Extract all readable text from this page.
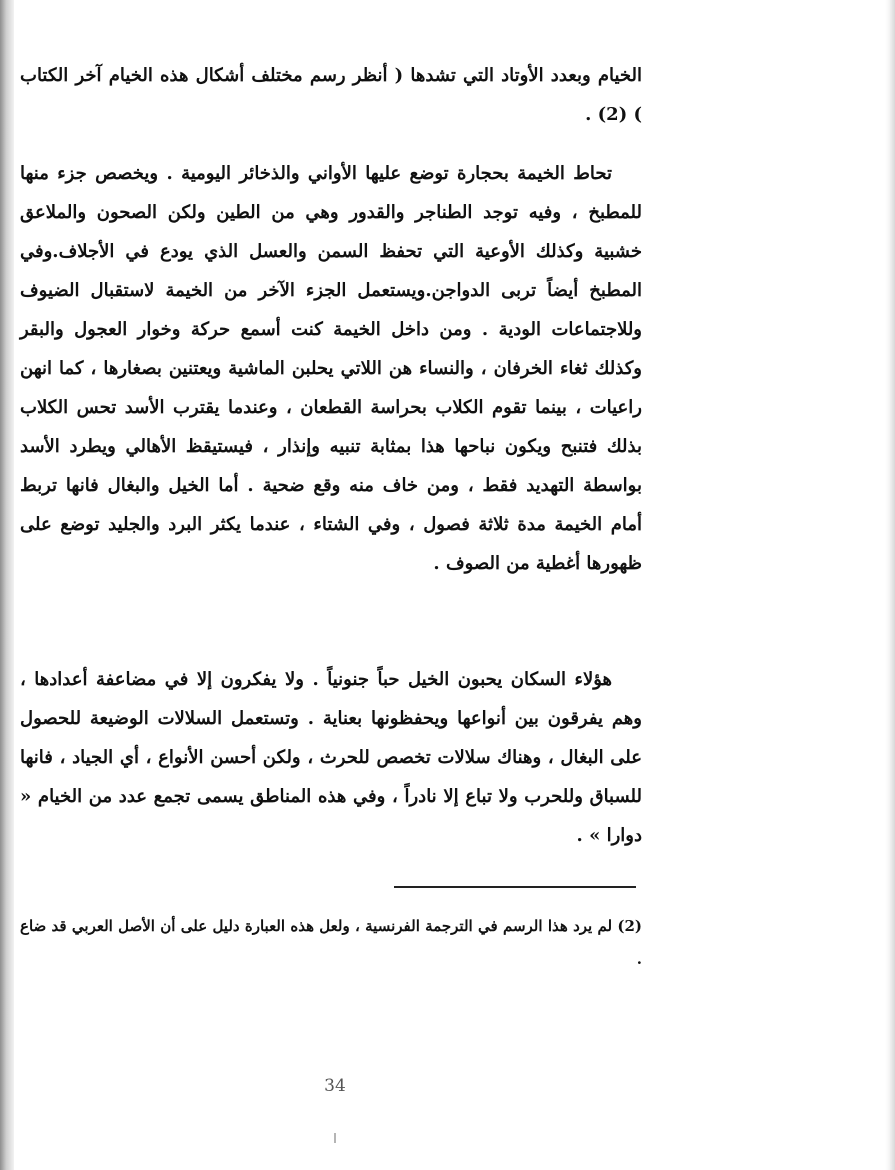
الخيام وبعدد الأوتاد التي تشدها ( أنظر رسم مختلف أشكال هذه الخيام آخر الكتاب ) (2) .

تحاط الخيمة بحجارة توضع عليها الأواني والذخائر اليومية . ويخصص جزء منها للمطبخ ، وفيه توجد الطناجر والقدور وهي من الطين ولكن الصحون والملاعق خشبية وكذلك الأوعية التي تحفظ السمن والعسل الذي يودع في الأجلاف.وفي المطبخ أيضاً تربى الدواجن.ويستعمل الجزء الآخر من الخيمة لاستقبال الضيوف وللاجتماعات الودية . ومن داخل الخيمة كنت أسمع حركة وخوار العجول والبقر وكذلك ثغاء الخرفان ، والنساء هن اللاتي يحلبن الماشية ويعتنين بصغارها ، كما انهن راعيات ، بينما تقوم الكلاب بحراسة القطعان ، وعندما يقترب الأسد تحس الكلاب بذلك فتنبح ويكون نباحها هذا بمثابة تنبيه وإنذار ، فيستيقظ الأهالي ويطرد الأسد بواسطة التهديد فقط ، ومن خاف منه وقع ضحية . أما الخيل والبغال فانها تربط أمام الخيمة مدة ثلاثة فصول ، وفي الشتاء ، عندما يكثر البرد والجليد توضع على ظهورها أغطية من الصوف .

هؤلاء السكان يحبون الخيل حباً جنونياً . ولا يفكرون إلا في مضاعفة أعدادها ، وهم يفرقون بين أنواعها ويحفظونها بعناية . وتستعمل السلالات الوضيعة للحصول على البغال ، وهناك سلالات تخصص للحرث ، ولكن أحسن الأنواع ، أي الجياد ، فانها للسباق وللحرب ولا تباع إلا نادراً ، وفي هذه المناطق يسمى تجمع عدد من الخيام « دوارا » .

(2) لم يرد هذا الرسم في الترجمة الفرنسية ، ولعل هذه العبارة دليل على أن الأصل العربي قد ضاع .
34
